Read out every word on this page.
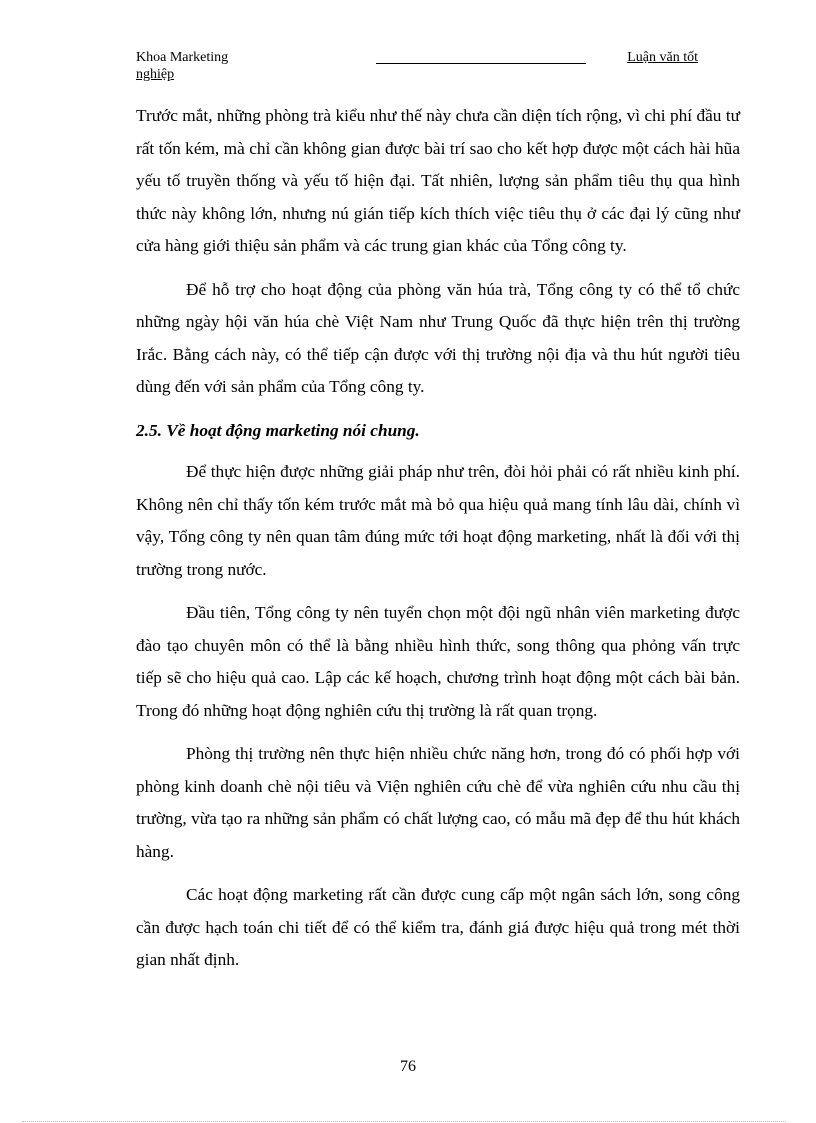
Khoa Marketing	Luận văn tốt
nghiệp

Trước mắt, những phòng trà kiểu như thế này chưa cần diện tích rộng, vì chi phí đầu tư rất tốn kém, mà chỉ cần không gian được bài trí sao cho kết hợp được một cách hài hũa yếu tố truyền thống và yếu tố hiện đại. Tất nhiên, lượng sản phẩm tiêu thụ qua hình thức này không lớn, nhưng nú gián tiếp kích thích việc tiêu thụ ở các đại lý cũng như cửa hàng giới thiệu sản phẩm và các trung gian khác của Tổng công ty.

Để hỗ trợ cho hoạt động của phòng văn húa trà, Tổng công ty có thể tổ chức những ngày hội văn húa chè Việt Nam như Trung Quốc đã thực hiện trên thị trường Irắc. Bằng cách này, có thể tiếp cận được với thị trường nội địa và thu hút người tiêu dùng đến với sản phẩm của Tổng công ty.

2.5. Về hoạt động marketing nói chung.

Để thực hiện được những giải pháp như trên, đòi hỏi phải có rất nhiều kinh phí. Không nên chỉ thấy tốn kém trước mắt mà bỏ qua hiệu quả mang tính lâu dài, chính vì vậy, Tổng công ty nên quan tâm đúng mức tới hoạt động marketing, nhất là đối với thị trường trong nước.

Đầu tiên, Tổng công ty nên tuyển chọn một đội ngũ nhân viên marketing được đào tạo chuyên môn có thể là bằng nhiều hình thức, song thông qua phỏng vấn trực tiếp sẽ cho hiệu quả cao. Lập các kế hoạch, chương trình hoạt động một cách bài bản. Trong đó những hoạt động nghiên cứu thị trường là rất quan trọng.

Phòng thị trường nên thực hiện nhiều chức năng hơn, trong đó có phối hợp với phòng kinh doanh chè nội tiêu và Viện nghiên cứu chè để vừa nghiên cứu nhu cầu thị trường, vừa tạo ra những sản phẩm có chất lượng cao, có mẫu mã đẹp để thu hút khách hàng.

Các hoạt động marketing rất cần được cung cấp một ngân sách lớn, song công cần được hạch toán chi tiết để có thể kiểm tra, đánh giá được hiệu quả trong mét thời gian nhất định.

76
